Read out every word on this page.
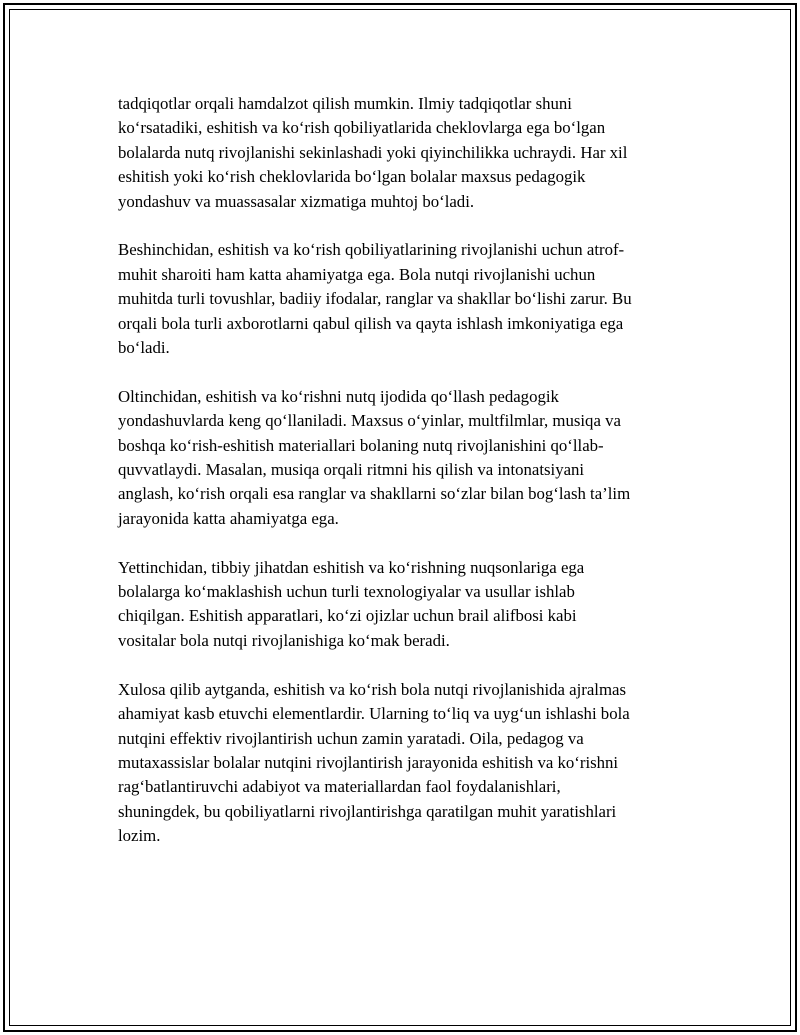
tadqiqotlar orqali hamdalzot qilish mumkin. Ilmiy tadqiqotlar shuni
ko‘rsatadiki, eshitish va ko‘rish qobiliyatlarida cheklovlarga ega bo‘lgan
bolalarda nutq rivojlanishi sekinlashadi yoki qiyinchilikka uchraydi. Har xil
eshitish yoki ko‘rish cheklovlarida bo‘lgan bolalar maxsus pedagogik
yondashuv va muassasalar xizmatiga muhtoj bo‘ladi.

Beshinchidan, eshitish va ko‘rish qobiliyatlarining rivojlanishi uchun atrof-
muhit sharoiti ham katta ahamiyatga ega. Bola nutqi rivojlanishi uchun
muhitda turli tovushlar, badiiy ifodalar, ranglar va shakllar bo‘lishi zarur. Bu
orqali bola turli axborotlarni qabul qilish va qayta ishlash imkoniyatiga ega
bo‘ladi.

Oltinchidan, eshitish va ko‘rishni nutq ijodida qo‘llash pedagogik
yondashuvlarda keng qo‘llaniladi. Maxsus o‘yinlar, multfilmlar, musiqa va
boshqa ko‘rish-eshitish materiallari bolaning nutq rivojlanishini qo‘llab-
quvvatlaydi. Masalan, musiqa orqali ritmni his qilish va intonatsiyani
anglash, ko‘rish orqali esa ranglar va shakllarni so‘zlar bilan bog‘lash ta’lim
jarayonida katta ahamiyatga ega.

Yettinchidan, tibbiy jihatdan eshitish va ko‘rishning nuqsonlariga ega
bolalarga ko‘maklashish uchun turli texnologiyalar va usullar ishlab
chiqilgan. Eshitish apparatlari, ko‘zi ojizlar uchun brail alifbosi kabi
vositalar bola nutqi rivojlanishiga ko‘mak beradi.

Xulosa qilib aytganda, eshitish va ko‘rish bola nutqi rivojlanishida ajralmas
ahamiyat kasb etuvchi elementlardir. Ularning to‘liq va uyg‘un ishlashi bola
nutqini effektiv rivojlantirish uchun zamin yaratadi. Oila, pedagog va
mutaxassislar bolalar nutqini rivojlantirish jarayonida eshitish va ko‘rishni
rag‘batlantiruvchi adabiyot va materiallardan faol foydalanishlari,
shuningdek, bu qobiliyatlarni rivojlantirishga qaratilgan muhit yaratishlari
lozim.
